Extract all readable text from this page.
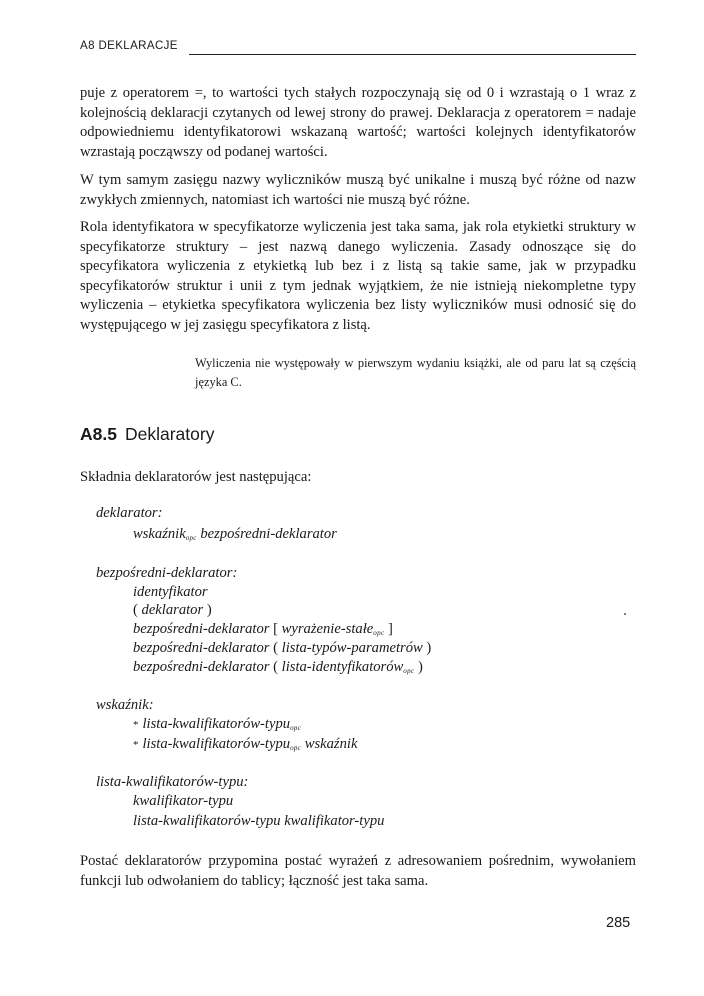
A8 DEKLARACJE

puje z operatorem =, to wartości tych stałych rozpoczynają się od 0 i wzrastają o 1 wraz z kolejnością deklaracji czytanych od lewej strony do prawej. Deklaracja z operatorem = nadaje odpowiedniemu identyfikatorowi wskazaną wartość; wartości kolejnych identyfikatorów wzrastają począwszy od podanej wartości.

W tym samym zasięgu nazwy wyliczników muszą być unikalne i muszą być różne od nazw zwykłych zmiennych, natomiast ich wartości nie muszą być różne.

Rola identyfikatora w specyfikatorze wyliczenia jest taka sama, jak rola etykietki struktury w specyfikatorze struktury – jest nazwą danego wyliczenia. Zasady odnoszące się do specyfikatora wyliczenia z etykietką lub bez i z listą są takie same, jak w przypadku specyfikatorów struktur i unii z tym jednak wyjątkiem, że nie istnieją niekompletne typy wyliczenia – etykietka specyfikatora wyliczenia bez listy wyliczników musi odnosić się do występującego w jej zasięgu specyfikatora z listą.

Wyliczenia nie występowały w pierwszym wydaniu książki, ale od paru lat są częścią języka C.

A8.5 Deklaratory

Składnia deklaratorów jest następująca:

deklarator:
wskaźnik$_{opc}$ bezpośredni-deklarator
bezpośredni-deklarator:
identyfikator
( deklarator )
bezpośredni-deklarator [ wyrażenie-stałe$_{opc}$ ]
bezpośredni-deklarator ( lista-typów-parametrów )
bezpośredni-deklarator ( lista-identyfikatorów$_{opc}$ )
wskaźnik:
* lista-kwalifikatorów-typu$_{opc}$
* lista-kwalifikatorów-typu$_{opc}$ wskaźnik
lista-kwalifikatorów-typu:
kwalifikator-typu
lista-kwalifikatorów-typu kwalifikator-typu

Postać deklaratorów przypomina postać wyrażeń z adresowaniem pośrednim, wywołaniem funkcji lub odwołaniem do tablicy; łączność jest taka sama.

285
